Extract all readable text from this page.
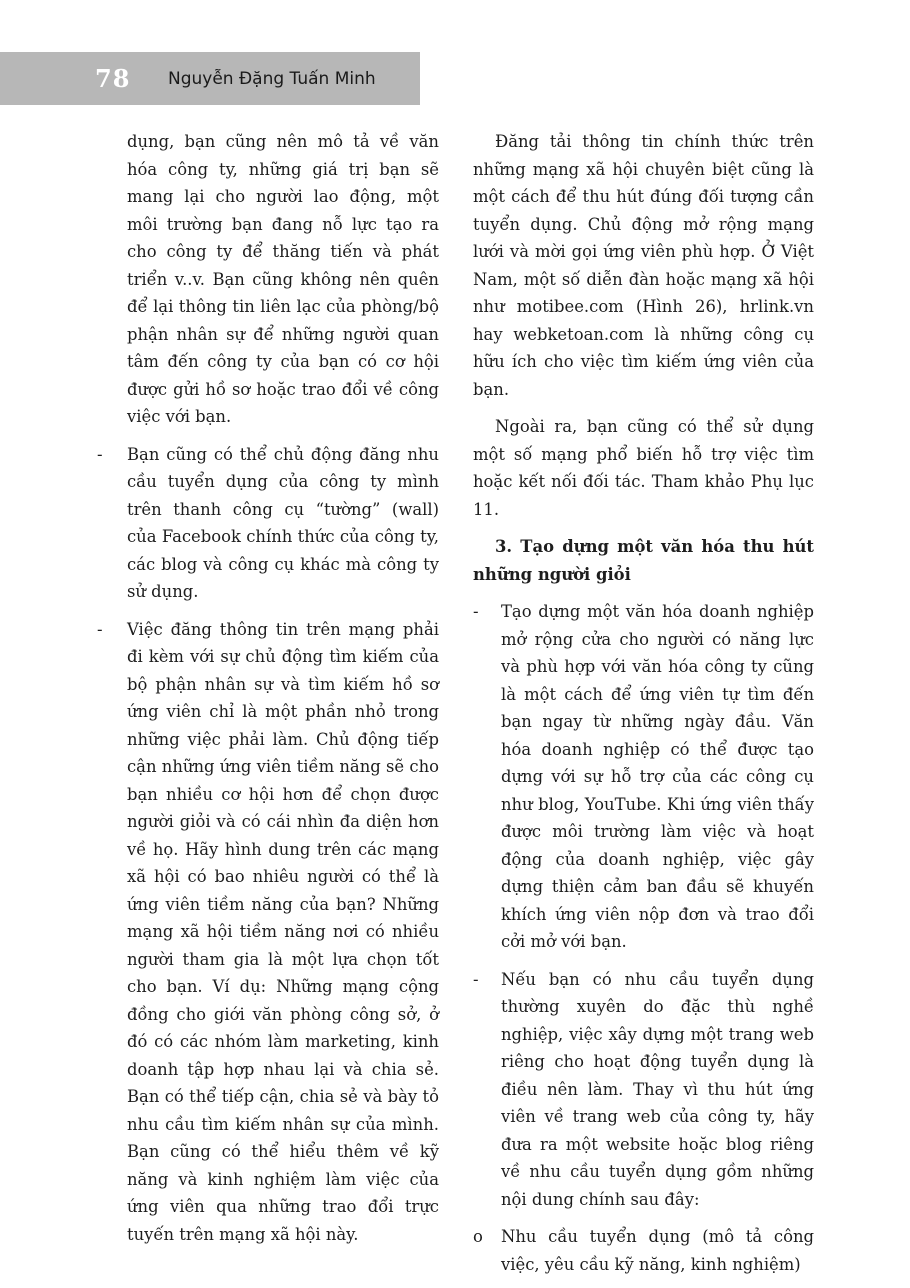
78 Nguyễn Đặng Tuấn Minh

dụng, bạn cũng nên mô tả về văn hóa công ty, những giá trị bạn sẽ mang lại cho người lao động, một môi trường bạn đang nỗ lực tạo ra cho công ty để thăng tiến và phát triển v..v. Bạn cũng không nên quên để lại thông tin liên lạc của phòng/bộ phận nhân sự để những người quan tâm đến công ty của bạn có cơ hội được gửi hồ sơ hoặc trao đổi về công việc với bạn.

- Bạn cũng có thể chủ động đăng nhu cầu tuyển dụng của công ty mình trên thanh công cụ “tường” (wall) của Facebook chính thức của công ty, các blog và công cụ khác mà công ty sử dụng.
- Việc đăng thông tin trên mạng phải đi kèm với sự chủ động tìm kiếm của bộ phận nhân sự và tìm kiếm hồ sơ ứng viên chỉ là một phần nhỏ trong những việc phải làm. Chủ động tiếp cận những ứng viên tiềm năng sẽ cho bạn nhiều cơ hội hơn để chọn được người giỏi và có cái nhìn đa diện hơn về họ. Hãy hình dung trên các mạng xã hội có bao nhiêu người có thể là ứng viên tiềm năng của bạn? Những mạng xã hội tiềm năng nơi có nhiều người tham gia là một lựa chọn tốt cho bạn. Ví dụ: Những mạng cộng đồng cho giới văn phòng công sở, ở đó có các nhóm làm marketing, kinh doanh tập hợp nhau lại và chia sẻ. Bạn có thể tiếp cận, chia sẻ và bày tỏ nhu cầu tìm kiếm nhân sự của mình. Bạn cũng có thể hiểu thêm về kỹ năng và kinh nghiệm làm việc của ứng viên qua những trao đổi trực tuyến trên mạng xã hội này.

Đăng tải thông tin chính thức trên những mạng xã hội chuyên biệt cũng là một cách để thu hút đúng đối tượng cần tuyển dụng. Chủ động mở rộng mạng lưới và mời gọi ứng viên phù hợp. Ở Việt Nam, một số diễn đàn hoặc mạng xã hội như motibee.com (Hình 26), hrlink.vn hay webketoan.com là những công cụ hữu ích cho việc tìm kiếm ứng viên của bạn.

Ngoài ra, bạn cũng có thể sử dụng một số mạng phổ biến hỗ trợ việc tìm hoặc kết nối đối tác. Tham khảo Phụ lục 11.

3. Tạo dựng một văn hóa thu hút những người giỏi

- Tạo dựng một văn hóa doanh nghiệp mở rộng cửa cho người có năng lực và phù hợp với văn hóa công ty cũng là một cách để ứng viên tự tìm đến bạn ngay từ những ngày đầu. Văn hóa doanh nghiệp có thể được tạo dựng với sự hỗ trợ của các công cụ như blog, YouTube. Khi ứng viên thấy được môi trường làm việc và hoạt động của doanh nghiệp, việc gây dựng thiện cảm ban đầu sẽ khuyến khích ứng viên nộp đơn và trao đổi cởi mở với bạn.
- Nếu bạn có nhu cầu tuyển dụng thường xuyên do đặc thù nghề nghiệp, việc xây dựng một trang web riêng cho hoạt động tuyển dụng là điều nên làm. Thay vì thu hút ứng viên về trang web của công ty, hãy đưa ra một website hoặc blog riêng về nhu cầu tuyển dụng gồm những nội dung chính sau đây:
o Nhu cầu tuyển dụng (mô tả công việc, yêu cầu kỹ năng, kinh nghiệm)
